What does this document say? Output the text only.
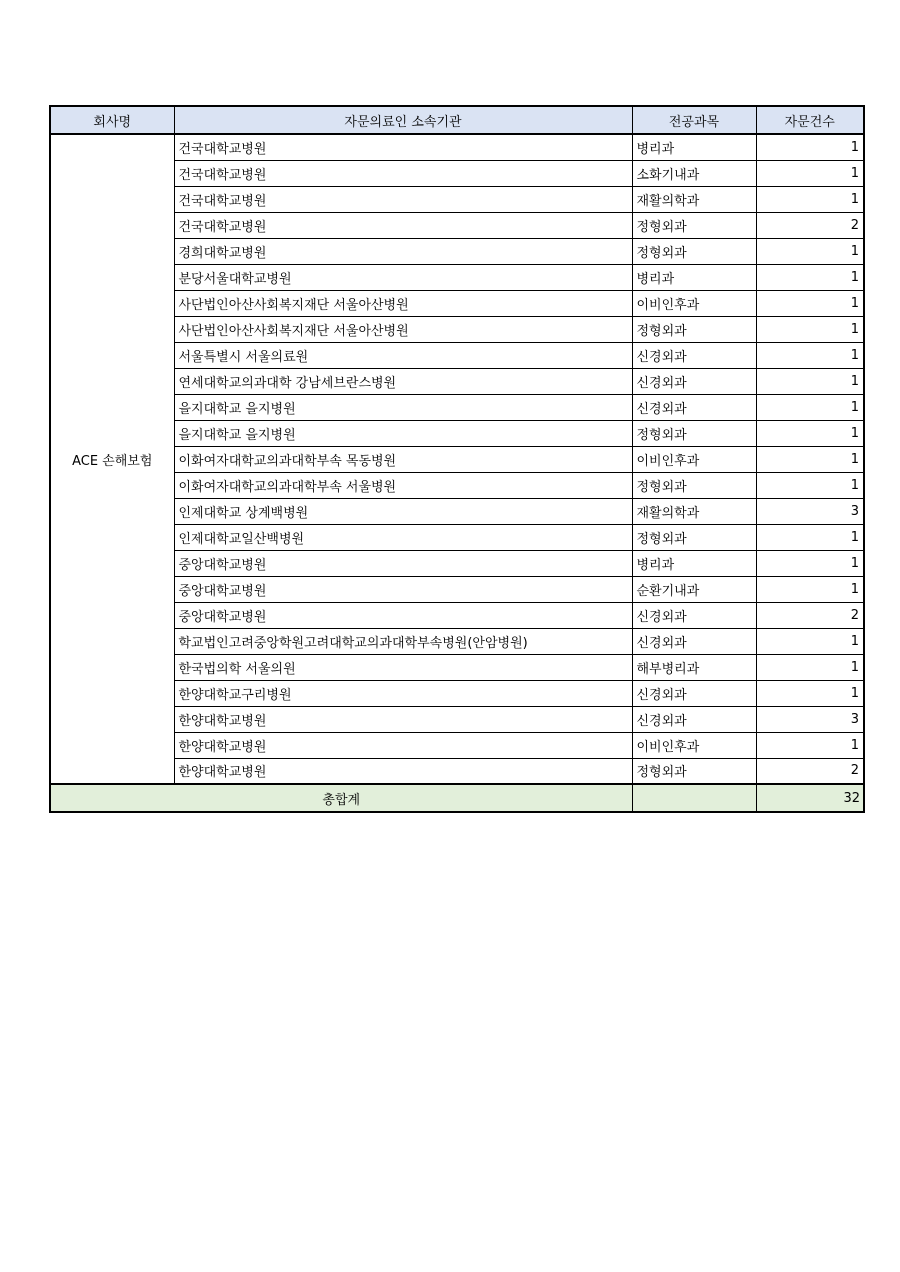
회사명	자문의료인 소속기관	전공과목	자문건수
ACE 손해보험	건국대학교병원	병리과	1
	건국대학교병원	소화기내과	1
	건국대학교병원	재활의학과	1
	건국대학교병원	정형외과	2
	경희대학교병원	정형외과	1
	분당서울대학교병원	병리과	1
	사단법인아산사회복지재단 서울아산병원	이비인후과	1
	사단법인아산사회복지재단 서울아산병원	정형외과	1
	서울특별시 서울의료원	신경외과	1
	연세대학교의과대학 강남세브란스병원	신경외과	1
	을지대학교 을지병원	신경외과	1
	을지대학교 을지병원	정형외과	1
	이화여자대학교의과대학부속 목동병원	이비인후과	1
	이화여자대학교의과대학부속 서울병원	정형외과	1
	인제대학교 상계백병원	재활의학과	3
	인제대학교일산백병원	정형외과	1
	중앙대학교병원	병리과	1
	중앙대학교병원	순환기내과	1
	중앙대학교병원	신경외과	2
	학교법인고려중앙학원고려대학교의과대학부속병원(안암병원)	신경외과	1
	한국법의학 서울의원	해부병리과	1
	한양대학교구리병원	신경외과	1
	한양대학교병원	신경외과	3
	한양대학교병원	이비인후과	1
	한양대학교병원	정형외과	2
총합계			32
